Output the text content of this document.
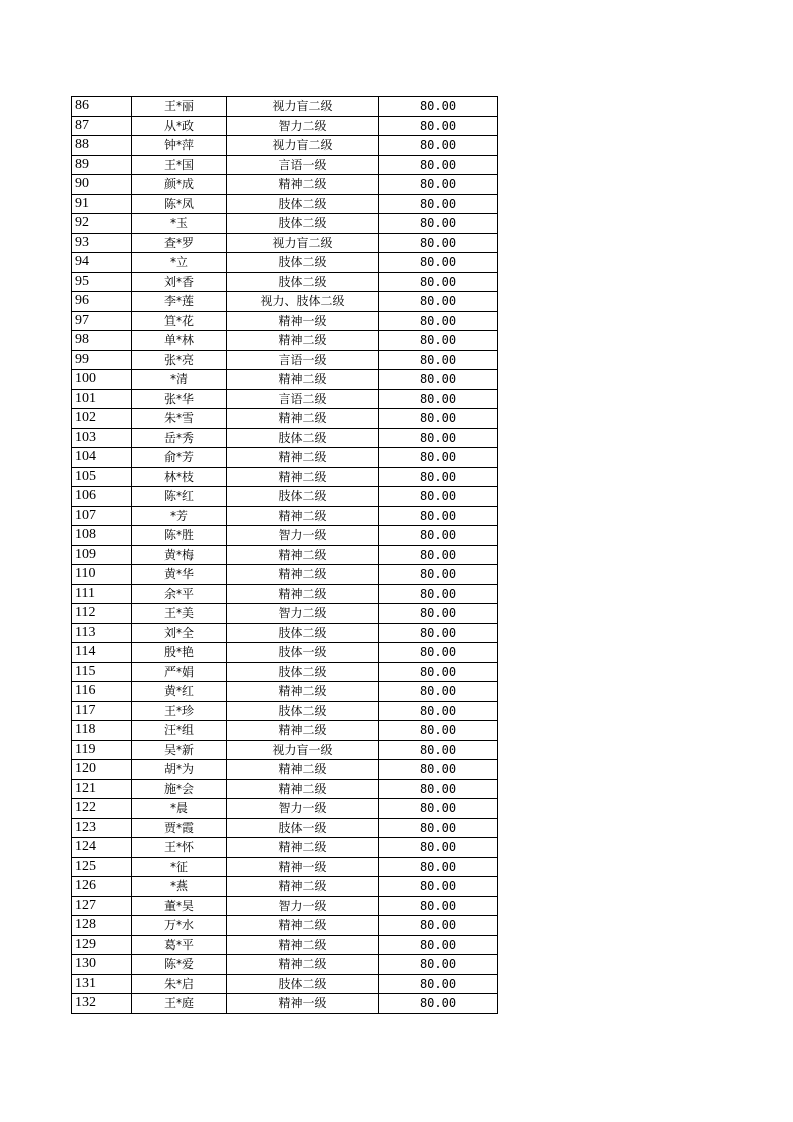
86	王*丽	视力盲二级	80.00
87	从*政	智力二级	80.00
88	钟*萍	视力盲二级	80.00
89	王*国	言语一级	80.00
90	颜*成	精神二级	80.00
91	陈*凤	肢体二级	80.00
92	*玉	肢体二级	80.00
93	查*罗	视力盲二级	80.00
94	*立	肢体二级	80.00
95	刘*香	肢体二级	80.00
96	李*莲	视力、肢体二级	80.00
97	笪*花	精神一级	80.00
98	单*林	精神二级	80.00
99	张*亮	言语一级	80.00
100	*清	精神二级	80.00
101	张*华	言语二级	80.00
102	朱*雪	精神二级	80.00
103	岳*秀	肢体二级	80.00
104	俞*芳	精神二级	80.00
105	林*枝	精神二级	80.00
106	陈*红	肢体二级	80.00
107	*芳	精神二级	80.00
108	陈*胜	智力一级	80.00
109	黄*梅	精神二级	80.00
110	黄*华	精神二级	80.00
111	余*平	精神二级	80.00
112	王*美	智力二级	80.00
113	刘*全	肢体二级	80.00
114	殷*艳	肢体一级	80.00
115	严*娟	肢体二级	80.00
116	黄*红	精神二级	80.00
117	王*珍	肢体二级	80.00
118	汪*组	精神二级	80.00
119	吴*新	视力盲一级	80.00
120	胡*为	精神二级	80.00
121	施*会	精神二级	80.00
122	*晨	智力一级	80.00
123	贾*霞	肢体一级	80.00
124	王*怀	精神二级	80.00
125	*征	精神一级	80.00
126	*燕	精神二级	80.00
127	董*昊	智力一级	80.00
128	万*水	精神二级	80.00
129	葛*平	精神二级	80.00
130	陈*爱	精神二级	80.00
131	朱*启	肢体二级	80.00
132	王*庭	精神一级	80.00
